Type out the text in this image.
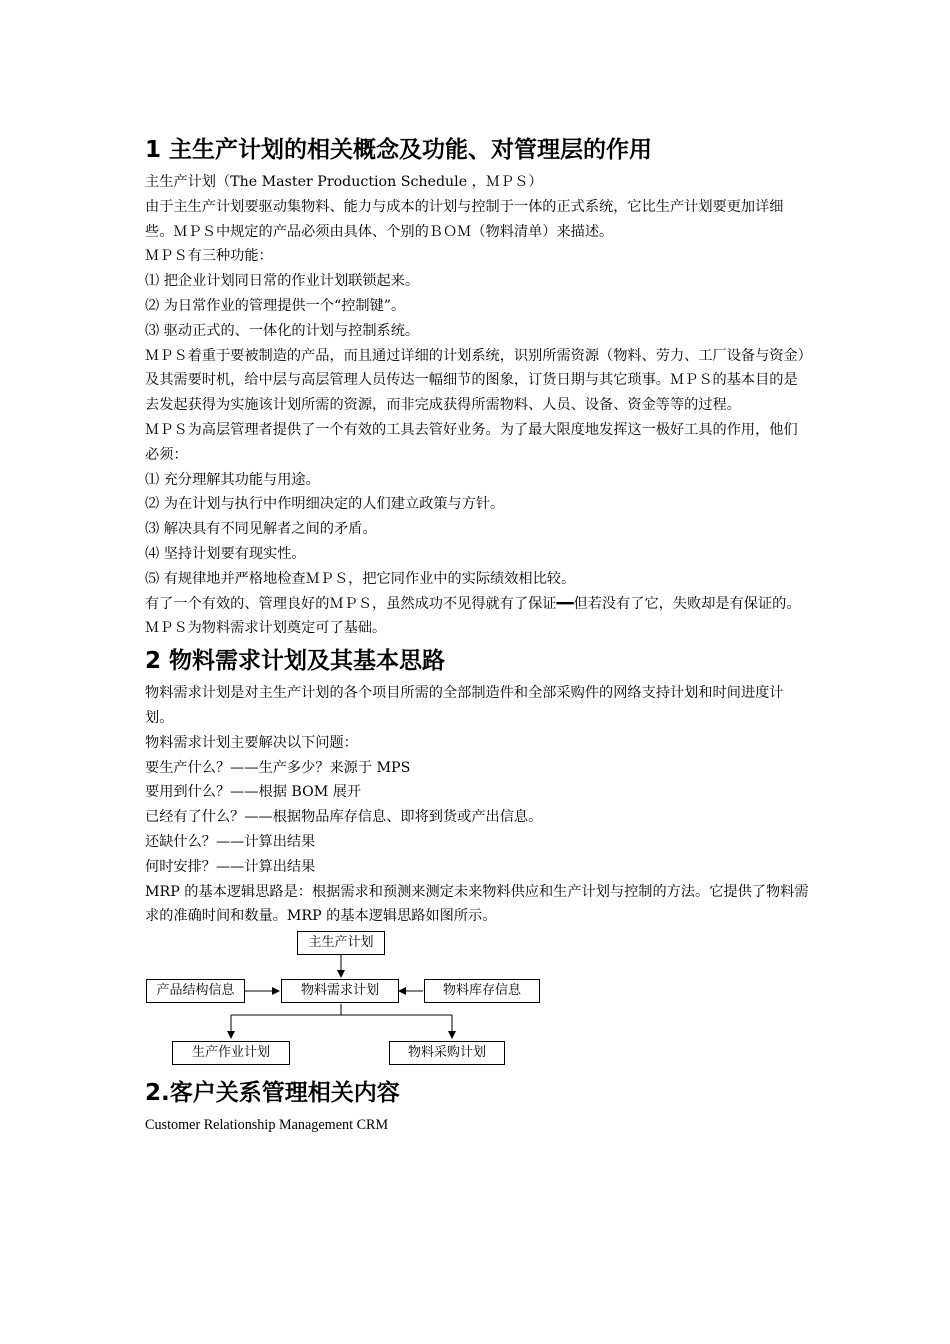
1 主生产计划的相关概念及功能、对管理层的作用

主生产计划（The Master Production Schedule ，ＭＰＳ）

由于主生产计划要驱动集物料、能力与成本的计划与控制于一体的正式系统，它比生产计划要更加详细些。ＭＰＳ中规定的产品必须由具体、个别的ＢＯＭ（物料清单）来描述。

ＭＰＳ有三种功能：

⑴ 把企业计划同日常的作业计划联锁起来。

⑵ 为日常作业的管理提供一个“控制键”。

⑶ 驱动正式的、一体化的计划与控制系统。

ＭＰＳ着重于要被制造的产品，而且通过详细的计划系统，识别所需资源（物料、劳力、工厂设备与资金）及其需要时机，给中层与高层管理人员传达一幅细节的图象，订货日期与其它琐事。ＭＰＳ的基本目的是去发起获得为实施该计划所需的资源，而非完成获得所需物料、人员、设备、资金等等的过程。

ＭＰＳ为高层管理者提供了一个有效的工具去管好业务。为了最大限度地发挥这一极好工具的作用，他们必须：

⑴ 充分理解其功能与用途。

⑵ 为在计划与执行中作明细决定的人们建立政策与方针。

⑶ 解决具有不同见解者之间的矛盾。

⑷ 坚持计划要有现实性。

⑸ 有规律地并严格地检查ＭＰＳ，把它同作业中的实际绩效相比较。

有了一个有效的、管理良好的ＭＰＳ，虽然成功不见得就有了保证━━但若没有了它，失败却是有保证的。

ＭＰＳ为物料需求计划奠定可了基础。

2 物料需求计划及其基本思路

物料需求计划是对主生产计划的各个项目所需的全部制造件和全部采购件的网络支持计划和时间进度计划。

物料需求计划主要解决以下问题：

要生产什么？——生产多少？来源于 MPS

要用到什么？——根据 BOM 展开

已经有了什么？——根据物品库存信息、即将到货或产出信息。

还缺什么？——计算出结果

何时安排？——计算出结果

MRP 的基本逻辑思路是：根据需求和预测来测定未来物料供应和生产计划与控制的方法。它提供了物料需求的准确时间和数量。MRP 的基本逻辑思路如图所示。

主生产计划
产品结构信息	物料需求计划	物料库存信息
生产作业计划	物料采购计划
2.客户关系管理相关内容

Customer Relationship Management CRM
